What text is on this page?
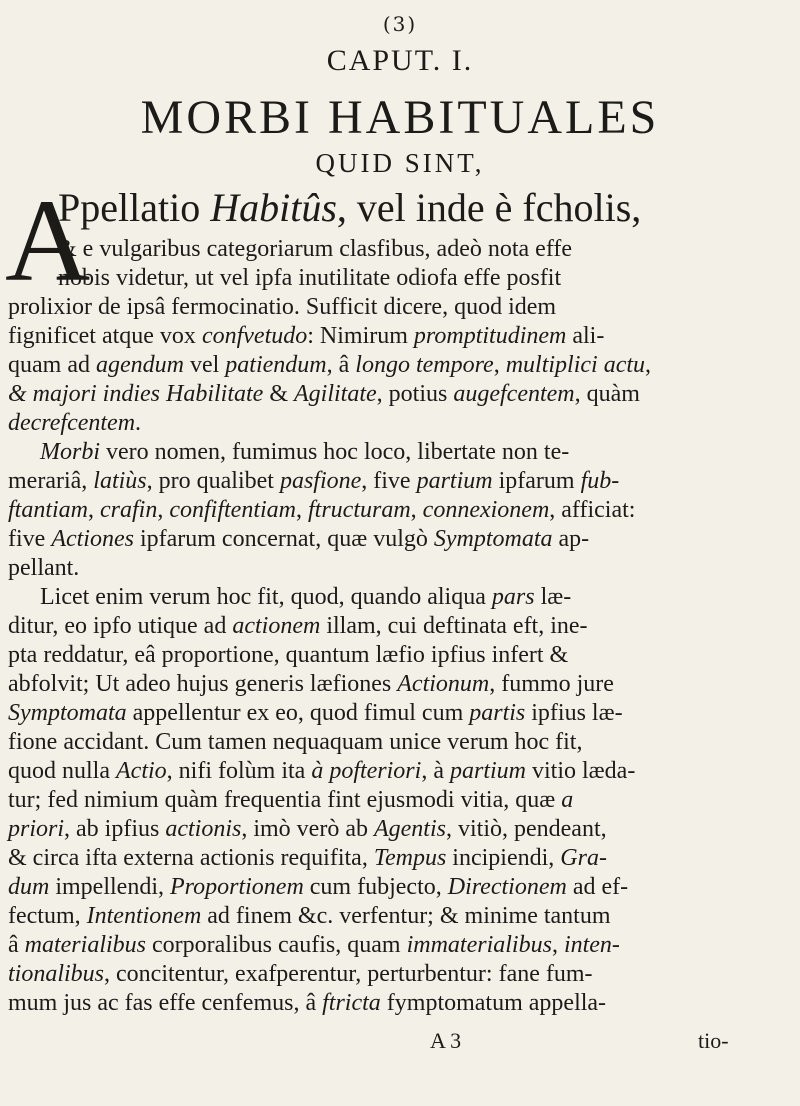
(3)
CAPUT. I.
MORBI HABITUALES
QUID SINT,
A
Ppellatio Habitûs, vel inde è fcholis,
& e vulgaribus categoriarum clasfibus, adeò nota effe
nobis videtur, ut vel ipfa inutilitate odiofa effe posfit
prolixior de ipsâ fermocinatio. Sufficit dicere, quod idem
fignificet atque vox confvetudo: Nimirum promptitudinem ali-
quam ad agendum vel patiendum, â longo tempore, multiplici actu,
& majori indies Habilitate & Agilitate, potius augefcentem, quàm
decrefcentem.
Morbi vero nomen, fumimus hoc loco, libertate non te-
merariâ, latiùs, pro qualibet pasfione, five partium ipfarum fub-
ftantiam, crafin, confiftentiam, ftructuram, connexionem, afficiat:
five Actiones ipfarum concernat, quæ vulgò Symptomata ap-
pellant.
Licet enim verum hoc fit, quod, quando aliqua pars læ-
ditur, eo ipfo utique ad actionem illam, cui deftinata eft, ine-
pta reddatur, eâ proportione, quantum læfio ipfius infert &
abfolvit; Ut adeo hujus generis læfiones Actionum, fummo jure
Symptomata appellentur ex eo, quod fimul cum partis ipfius læ-
fione accidant. Cum tamen nequaquam unice verum hoc fit,
quod nulla Actio, nifi folùm ita à pofteriori, à partium vitio læda-
tur; fed nimium quàm frequentia fint ejusmodi vitia, quæ a
priori, ab ipfius actionis, imò verò ab Agentis, vitiò, pendeant,
& circa ifta externa actionis requifita, Tempus incipiendi, Gra-
dum impellendi, Proportionem cum fubjecto, Directionem ad ef-
fectum, Intentionem ad finem &c. verfentur; & minime tantum
â materialibus corporalibus caufis, quam immaterialibus, inten-
tionalibus, concitentur, exafperentur, perturbentur: fane fum-
mum jus ac fas effe cenfemus, â ftricta fymptomatum appella-
A 3	tio-
